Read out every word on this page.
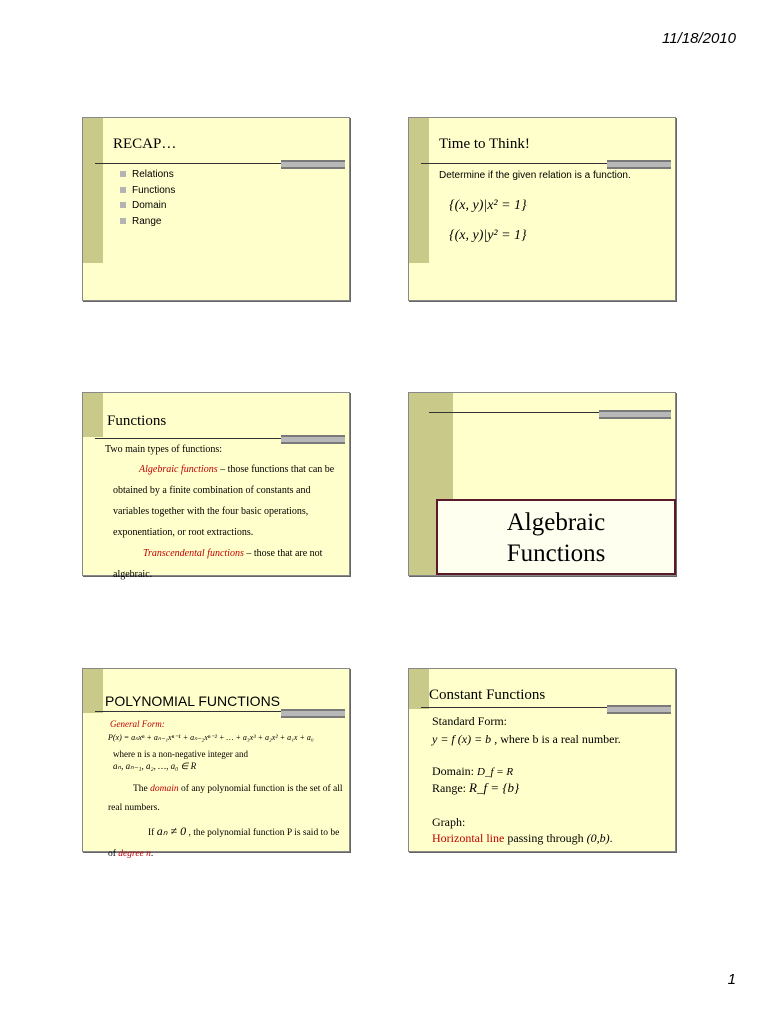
11/18/2010
RECAP…
Relations
Functions
Domain
Range
Time to Think!
Determine if the given relation is a function.
{(x, y)|x² = 1}
{(x, y)|y² = 1}
Functions
Two main types of functions:
Algebraic functions – those functions that can be obtained by a finite combination of constants and variables together with the four basic operations, exponentiation, or root extractions.
Transcendental functions – those that are not algebraic.
Algebraic
Functions
POLYNOMIAL FUNCTIONS
General Form:
P(x) = aₙxⁿ + aₙ₋₁xⁿ⁻¹ + aₙ₋₂xⁿ⁻² + … + a₃x³ + a₂x² + a₁x + a₀
where n is a non-negative integer and
aₙ, aₙ₋₁, a₂, …, a₀ ∈ R
The domain of any polynomial function is the set of all real numbers.
If aₙ ≠ 0 , the polynomial function P is said to be of degree n.
Constant Functions
Standard Form:
y = f (x) = b , where b is a real number.
Domain: D_f = R
Range: R_f = {b}
Graph:
Horizontal line passing through (0,b).
1
